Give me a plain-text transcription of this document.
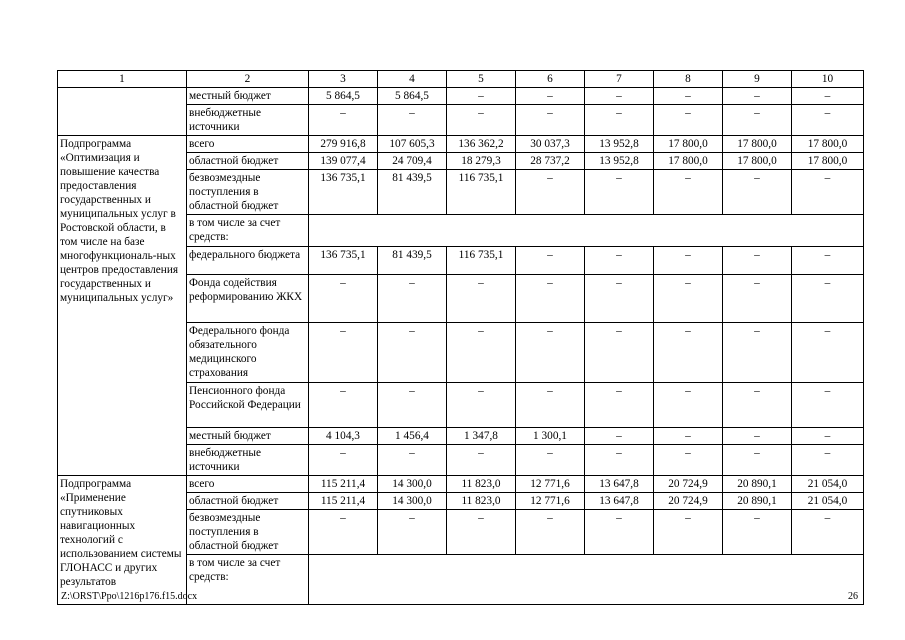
1	2	3	4	5	6	7	8	9	10
	местный бюджет	5 864,5	5 864,5	–	–	–	–	–	–
	внебюджетные источники	–	–	–	–	–	–	–	–
Подпрограмма «Оптимизация и повышение качества предоставления государственных и муниципальных услуг в Ростовской области, в том числе на базе многофункциональ-ных центров предоставления государственных и муниципальных услуг»	всего	279 916,8	107 605,3	136 362,2	30 037,3	13 952,8	17 800,0	17 800,0	17 800,0
	областной бюджет	139 077,4	24 709,4	18 279,3	28 737,2	13 952,8	17 800,0	17 800,0	17 800,0
	безвозмездные поступления в областной бюджет	136 735,1	81 439,5	116 735,1	–	–	–	–	–
	в том числе за счет средств:								
	федерального бюджета	136 735,1	81 439,5	116 735,1	–	–	–	–	–
	Фонда содействия реформированию ЖКХ	–	–	–	–	–	–	–	–
	Федерального фонда обязательного медицинского страхования	–	–	–	–	–	–	–	–
	Пенсионного фонда Российской Федерации	–	–	–	–	–	–	–	–
	местный бюджет	4 104,3	1 456,4	1 347,8	1 300,1	–	–	–	–
	внебюджетные источники	–	–	–	–	–	–	–	–
Подпрограмма «Применение спутниковых навигационных технологий с использованием системы ГЛОНАСС и других результатов	всего	115 211,4	14 300,0	11 823,0	12 771,6	13 647,8	20 724,9	20 890,1	21 054,0
	областной бюджет	115 211,4	14 300,0	11 823,0	12 771,6	13 647,8	20 724,9	20 890,1	21 054,0
	безвозмездные поступления в областной бюджет	–	–	–	–	–	–	–	–
	в том числе за счет средств:								
Z:\ORST\Ppo\1216p176.f15.docx	26
